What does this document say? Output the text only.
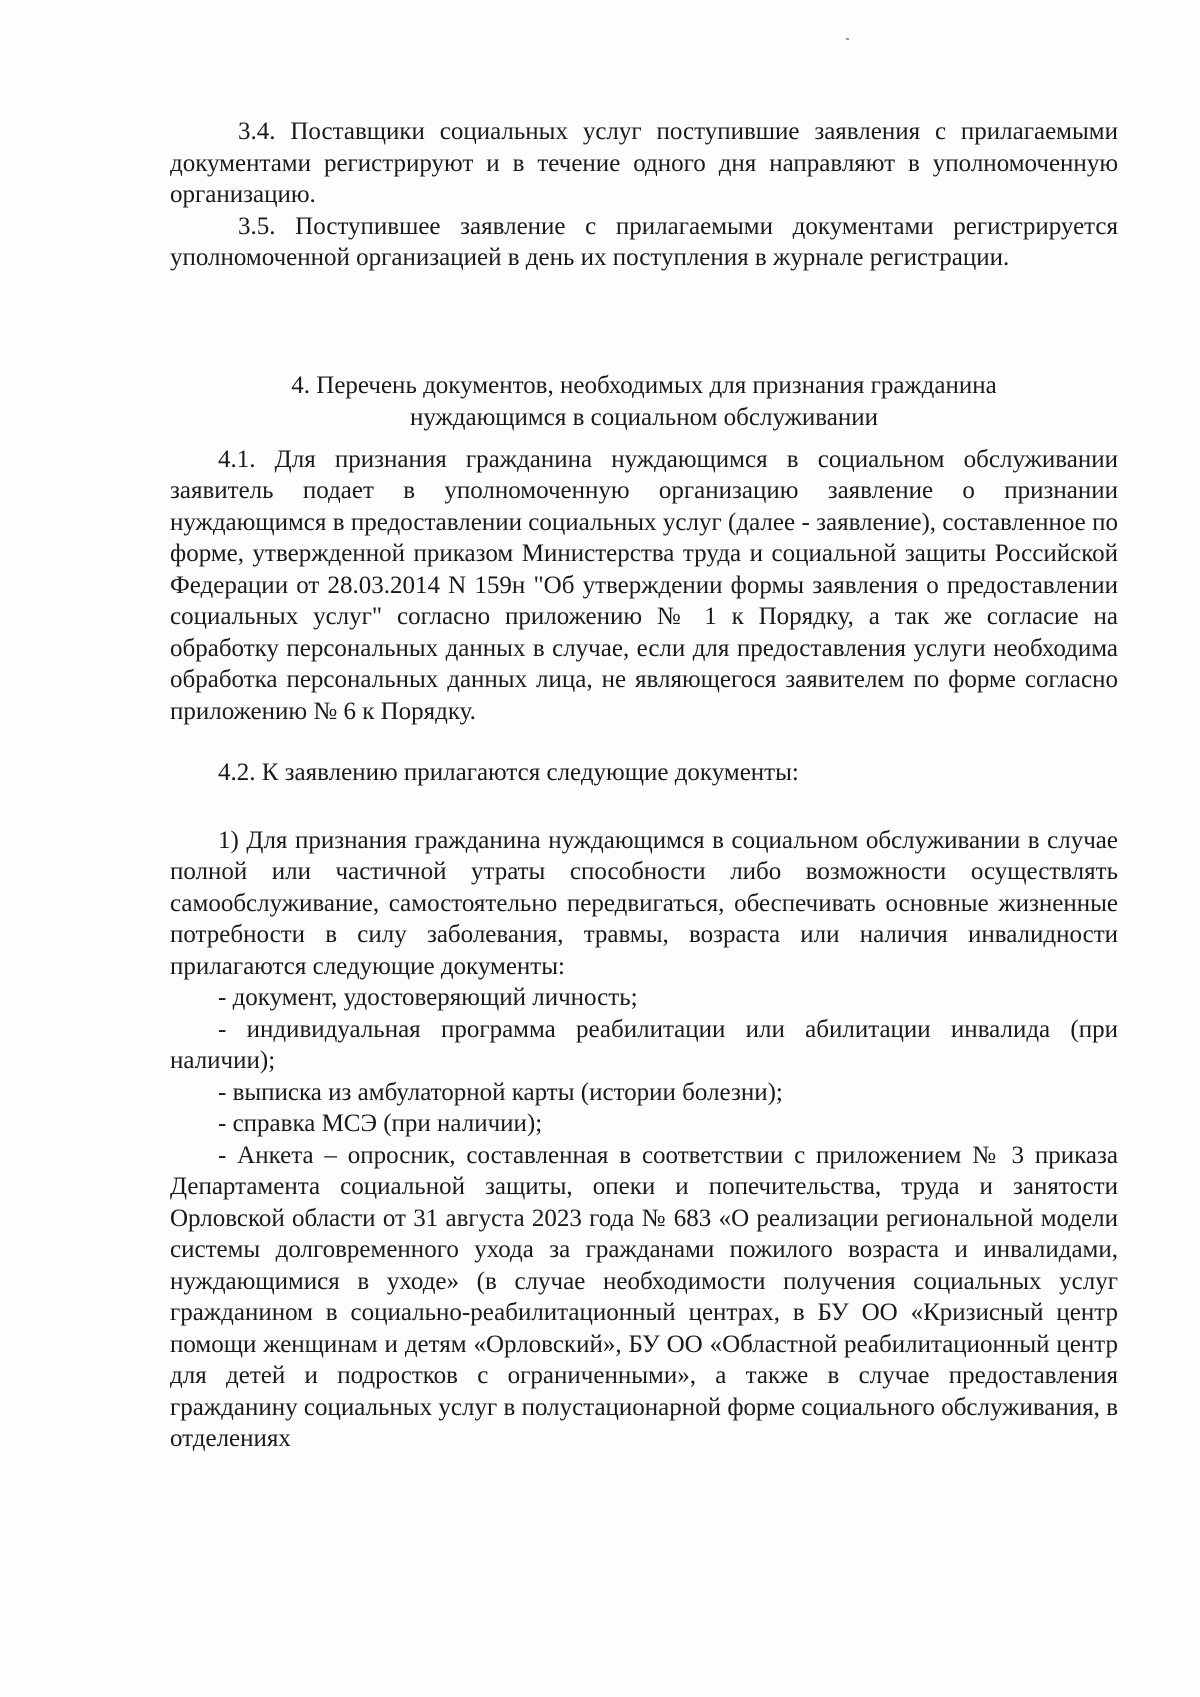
3.4. Поставщики социальных услуг поступившие заявления с прилагаемыми документами регистрируют и в течение одного дня направляют в уполномоченную организацию.

3.5. Поступившее заявление с прилагаемыми документами регистрируется уполномоченной организацией в день их поступления в журнале регистрации.

4. Перечень документов, необходимых для признания гражданина
нуждающимся в социальном обслуживании

4.1. Для признания гражданина нуждающимся в социальном обслуживании заявитель подает в уполномоченную организацию заявление о признании нуждающимся в предоставлении социальных услуг (далее - заявление), составленное по форме, утвержденной приказом Министерства труда и социальной защиты Российской Федерации от 28.03.2014 N 159н "Об утверждении формы заявления о предоставлении социальных услуг" согласно приложению № 1 к Порядку, а так же согласие на обработку персональных данных в случае, если для предоставления услуги необходима обработка персональных данных лица, не являющегося заявителем по форме согласно приложению № 6 к Порядку.

4.2. К заявлению прилагаются следующие документы:

1) Для признания гражданина нуждающимся в социальном обслуживании в случае полной или частичной утраты способности либо возможности осуществлять самообслуживание, самостоятельно передвигаться, обеспечивать основные жизненные потребности в силу заболевания, травмы, возраста или наличия инвалидности прилагаются следующие документы:

- документ, удостоверяющий личность;

- индивидуальная программа реабилитации или абилитации инвалида (при наличии);

- выписка из амбулаторной карты (истории болезни);

- справка МСЭ (при наличии);

- Анкета – опросник, составленная в соответствии с приложением № 3 приказа Департамента социальной защиты, опеки и попечительства, труда и занятости Орловской области от 31 августа 2023 года № 683 «О реализации региональной модели системы долговременного ухода за гражданами пожилого возраста и инвалидами, нуждающимися в уходе» (в случае необходимости получения социальных услуг гражданином в социально-реабилитационный центрах, в БУ ОО «Кризисный центр помощи женщинам и детям «Орловский», БУ ОО «Областной реабилитационный центр для детей и подростков с ограниченными», а также в случае предоставления гражданину социальных услуг в полустационарной форме социального обслуживания, в отделениях
